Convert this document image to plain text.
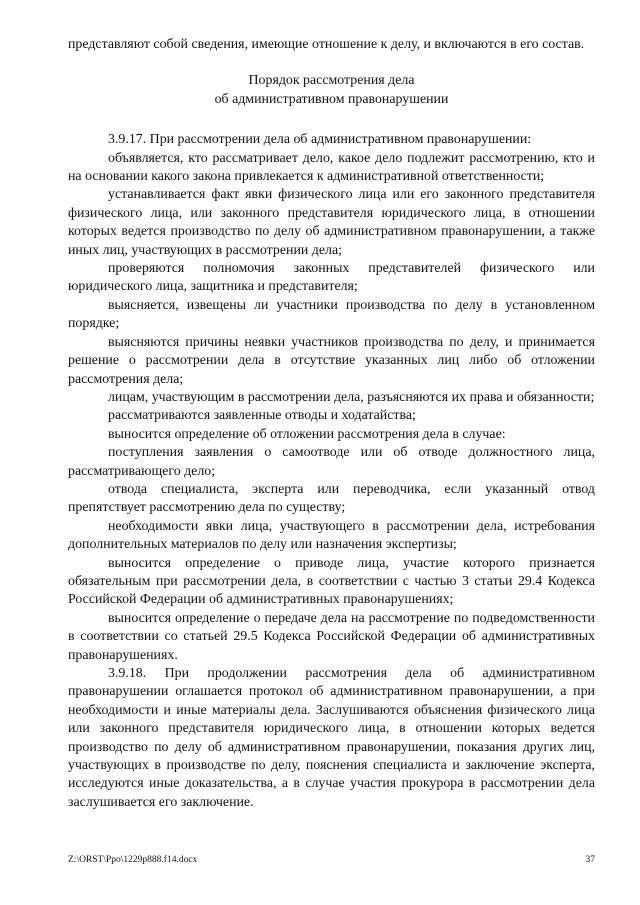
представляют собой сведения, имеющие отношение к делу, и включаются в его состав.

Порядок рассмотрения дела
об административном правонарушении

3.9.17. При рассмотрении дела об административном правонарушении:

объявляется, кто рассматривает дело, какое дело подлежит рассмотрению, кто и на основании какого закона привлекается к административной ответственности;

устанавливается факт явки физического лица или его законного представителя физического лица, или законного представителя юридического лица, в отношении которых ведется производство по делу об административном правонарушении, а также иных лиц, участвующих в рассмотрении дела;

проверяются полномочия законных представителей физического или юридического лица, защитника и представителя;

выясняется, извещены ли участники производства по делу в установленном порядке;

выясняются причины неявки участников производства по делу, и принимается решение о рассмотрении дела в отсутствие указанных лиц либо об отложении рассмотрения дела;

лицам, участвующим в рассмотрении дела, разъясняются их права и обязанности;

рассматриваются заявленные отводы и ходатайства;

выносится определение об отложении рассмотрения дела в случае:

поступления заявления о самоотводе или об отводе должностного лица, рассматривающего дело;

отвода специалиста, эксперта или переводчика, если указанный отвод препятствует рассмотрению дела по существу;

необходимости явки лица, участвующего в рассмотрении дела, истребования дополнительных материалов по делу или назначения экспертизы;

выносится определение о приводе лица, участие которого признается обязательным при рассмотрении дела, в соответствии с частью 3 статьи 29.4 Кодекса Российской Федерации об административных правонарушениях;

выносится определение о передаче дела на рассмотрение по подведомственности в соответствии со статьей 29.5 Кодекса Российской Федерации об административных правонарушениях.

3.9.18. При продолжении рассмотрения дела об административном правонарушении оглашается протокол об административном правонарушении, а при необходимости и иные материалы дела. Заслушиваются объяснения физического лица или законного представителя юридического лица, в отношении которых ведется производство по делу об административном правонарушении, показания других лиц, участвующих в производстве по делу, пояснения специалиста и заключение эксперта, исследуются иные доказательства, а в случае участия прокурора в рассмотрении дела заслушивается его заключение.

Z:\ORST\Ppo\1229p888.f14.docx	37
